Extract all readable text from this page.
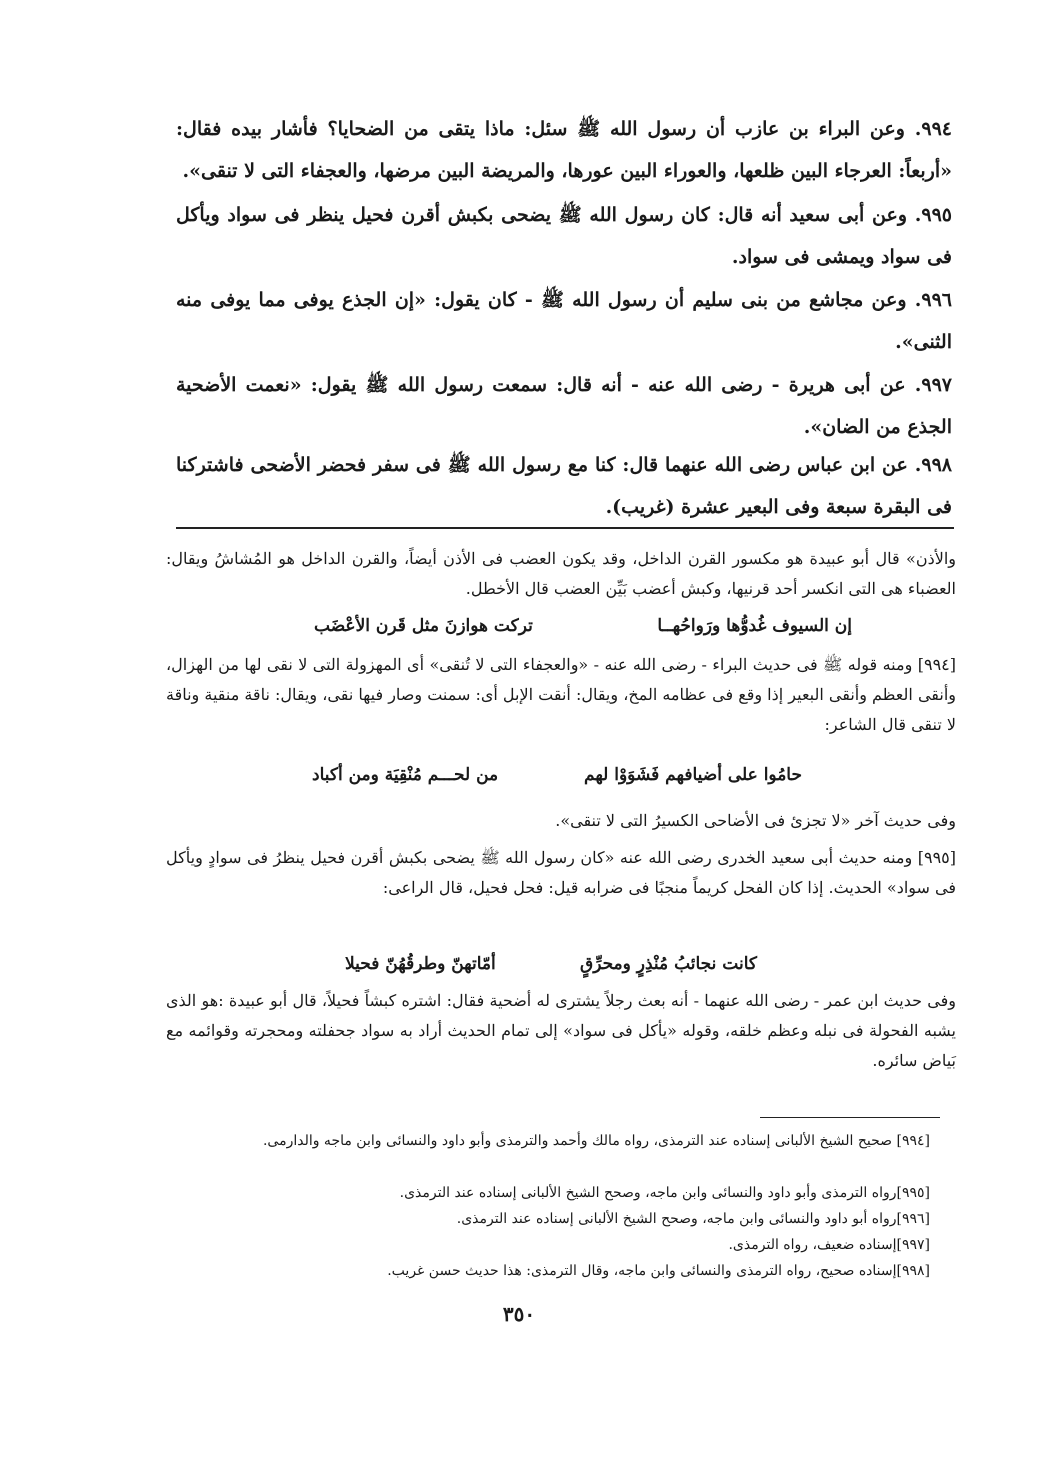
٩٩٤. وعن البراء بن عازب أن رسول الله ﷺ سئل: ماذا يتقى من الضحايا؟ فأشار بيده فقال: «أربعاً: العرجاء البين ظلعها، والعوراء البين عورها، والمريضة البين مرضها، والعجفاء التى لا تنقى».
٩٩٥. وعن أبى سعيد أنه قال: كان رسول الله ﷺ يضحى بكبش أقرن فحيل ينظر فى سواد ويأكل فى سواد ويمشى فى سواد.
٩٩٦. وعن مجاشع من بنى سليم أن رسول الله ﷺ - كان يقول: «إن الجذع يوفى مما يوفى منه الثنى».
٩٩٧. عن أبى هريرة - رضى الله عنه - أنه قال: سمعت رسول الله ﷺ يقول: «نعمت الأضحية الجذع من الضان».
٩٩٨. عن ابن عباس رضى الله عنهما قال: كنا مع رسول الله ﷺ فى سفر فحضر الأضحى فاشتركنا فى البقرة سبعة وفى البعير عشرة (غريب).
والأذن» قال أبو عبيدة هو مكسور القرن الداخل، وقد يكون العضب فى الأذن أيضاً، والقرن الداخل هو المُشاشُ ويقال: العضباء هى التى انكسر أحد قرنيها، وكبش أعضب بَيِّن العضب قال الأخطل.
إن السيوف غُدوُّها ورَواحُهــا
تركت هوازنَ مثل قَرن الأعْضَب
[٩٩٤] ومنه قوله ﷺ فى حديث البراء - رضى الله عنه - «والعجفاء التى لا تُنقى» أى المهزولة التى لا نقى لها من الهزال، وأنقى العظم وأنقى البعير إذا وقع فى عظامه المخ، ويقال: أنقت الإبل أى: سمنت وصار فيها نقى، ويقال: ناقة منقية وناقة لا تنقى قال الشاعر:
حامُوا على أضيافهم فَشَوَوْا لهم
من لحـــم مُنْقِيَة ومن أكباد
وفى حديث آخر «لا تجزئ فى الأضاحى الكسيرُ التى لا تنقى».
[٩٩٥] ومنه حديث أبى سعيد الخدرى رضى الله عنه «كان رسول الله ﷺ يضحى بكبش أقرن فحيل ينظرُ فى سوادٍ ويأكل فى سواد» الحديث. إذا كان الفحل كريماً منجبًا فى ضرابه قيل: فحل فحيل، قال الراعى:
كانت نجائبُ مُنْذِرٍ ومحرِّقٍ
أمّاتهنّ وطرقُهُنّ فحيلا
وفى حديث ابن عمر - رضى الله عنهما - أنه بعث رجلاً يشترى له أضحية فقال: اشتره كبشاً فحيلاً، قال أبو عبيدة :هو الذى يشبه الفحولة فى نبله وعظم خلقه، وقوله «يأكل فى سواد» إلى تمام الحديث أراد به سواد جحفلته ومحجرته وقوائمه مع بَياض سائره.
[٩٩٤] صحيح الشيخ الألبانى إسناده عند الترمذى، رواه مالك وأحمد والترمذى وأبو داود والنسائى وابن ماجه والدارمى.
[٩٩٥]رواه الترمذى وأبو داود والنسائى وابن ماجه، وصحح الشيخ الألبانى إسناده عند الترمذى.
[٩٩٦]رواه أبو داود والنسائى وابن ماجه، وصحح الشيخ الألبانى إسناده عند الترمذى.
[٩٩٧]إسناده ضعيف، رواه الترمذى.
[٩٩٨]إسناده صحيح، رواه الترمذى والنسائى وابن ماجه، وقال الترمذى: هذا حديث حسن غريب.
٣٥٠
